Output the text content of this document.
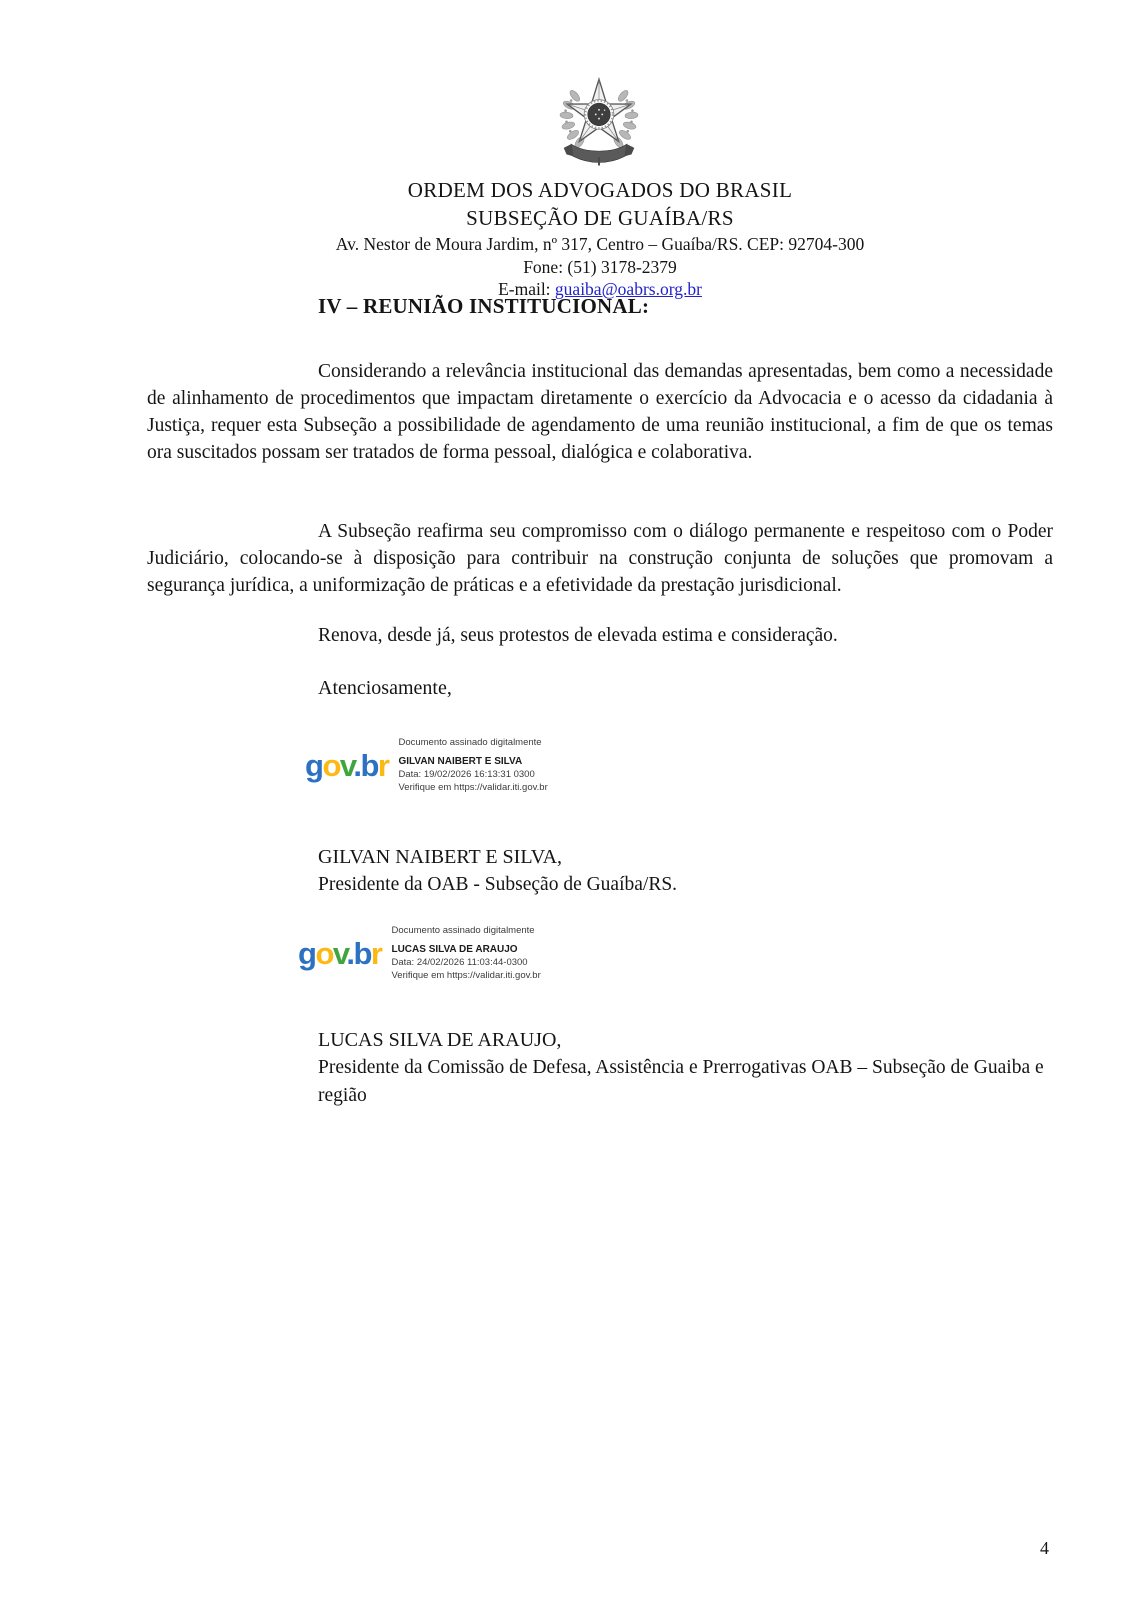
ORDEM DOS ADVOGADOS DO BRASIL
SUBSEÇÃO DE GUAÍBA/RS
Av. Nestor de Moura Jardim, nº 317, Centro – Guaíba/RS. CEP: 92704-300
Fone: (51) 3178-2379
E-mail: guaiba@oabrs.org.br
IV – REUNIÃO INSTITUCIONAL:

Considerando a relevância institucional das demandas apresentadas, bem como a necessidade de alinhamento de procedimentos que impactam diretamente o exercício da Advocacia e o acesso da cidadania à Justiça, requer esta Subseção a possibilidade de agendamento de uma reunião institucional, a fim de que os temas ora suscitados possam ser tratados de forma pessoal, dialógica e colaborativa.

A Subseção reafirma seu compromisso com o diálogo permanente e respeitoso com o Poder Judiciário, colocando-se à disposição para contribuir na construção conjunta de soluções que promovam a segurança jurídica, a uniformização de práticas e a efetividade da prestação jurisdicional.

Renova, desde já, seus protestos de elevada estima e consideração.

Atenciosamente,
gov.br
Documento assinado digitalmente
GILVAN NAIBERT E SILVA
Data: 19/02/2026 16:13:31 0300
Verifique em https://validar.iti.gov.br
GILVAN NAIBERT E SILVA,
Presidente da OAB - Subseção de Guaíba/RS.
gov.br
Documento assinado digitalmente
LUCAS SILVA DE ARAUJO
Data: 24/02/2026 11:03:44-0300
Verifique em https://validar.iti.gov.br
LUCAS SILVA DE ARAUJO,
Presidente da Comissão de Defesa, Assistência e Prerrogativas OAB – Subseção de Guaiba e região
4
